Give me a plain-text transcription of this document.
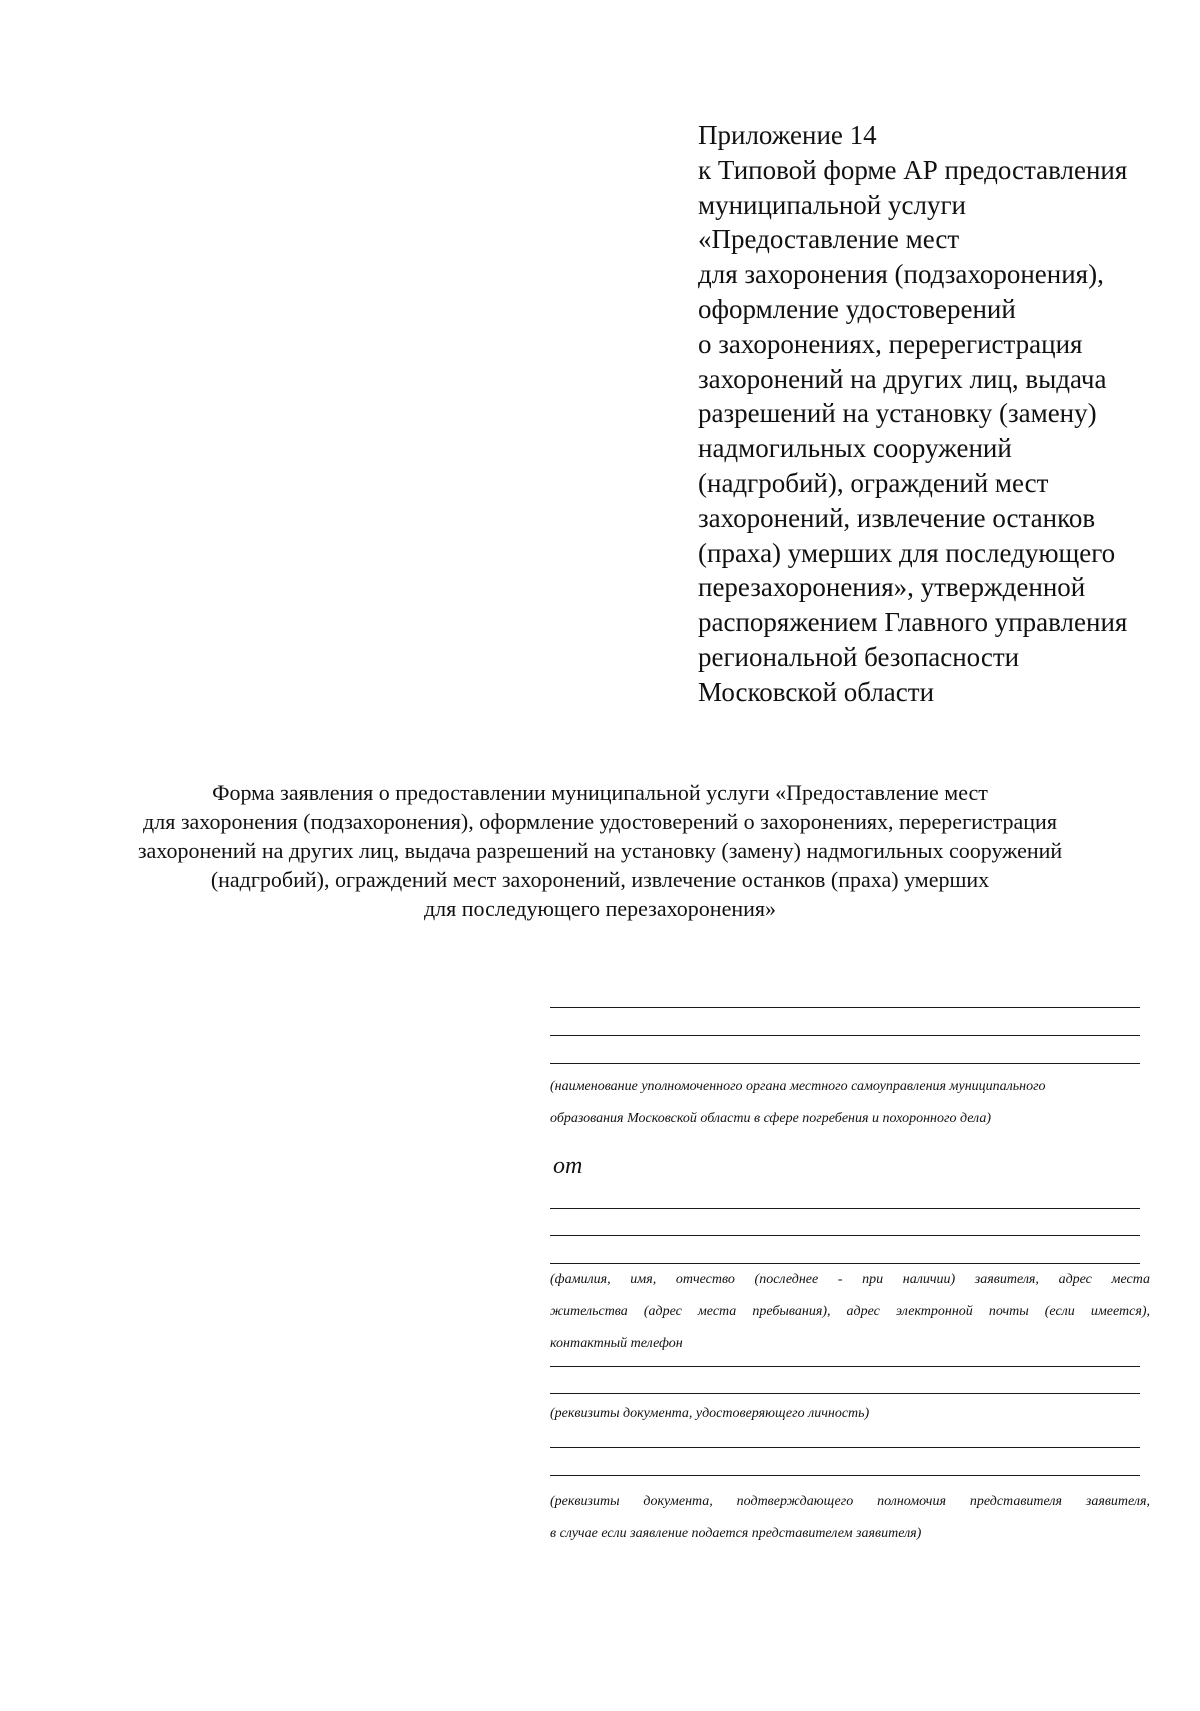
Приложение 14
к Типовой форме АР предоставления
муниципальной услуги
«Предоставление мест
для захоронения (подзахоронения),
оформление удостоверений
о захоронениях, перерегистрация
захоронений на других лиц, выдача
разрешений на установку (замену)
надмогильных сооружений
(надгробий), ограждений мест
захоронений, извлечение останков
(праха) умерших для последующего
перезахоронения», утвержденной
распоряжением Главного управления
региональной безопасности
Московской области
Форма заявления о предоставлении муниципальной услуги «Предоставление мест
для захоронения (подзахоронения), оформление удостоверений о захоронениях, перерегистрация
захоронений на других лиц, выдача разрешений на установку (замену) надмогильных сооружений
(надгробий), ограждений мест захоронений, извлечение останков (праха) умерших
для последующего перезахоронения»
(наименование уполномоченного органа местного самоуправления муниципального
образования Московской области в сфере погребения и похоронного дела)
от
(фамилия, имя, отчество (последнее - при наличии) заявителя, адрес места
жительства (адрес места пребывания), адрес электронной почты (если имеется),
контактный телефон
(реквизиты документа, удостоверяющего личность)
(реквизиты документа, подтверждающего полномочия представителя заявителя,
в случае если заявление подается представителем заявителя)
